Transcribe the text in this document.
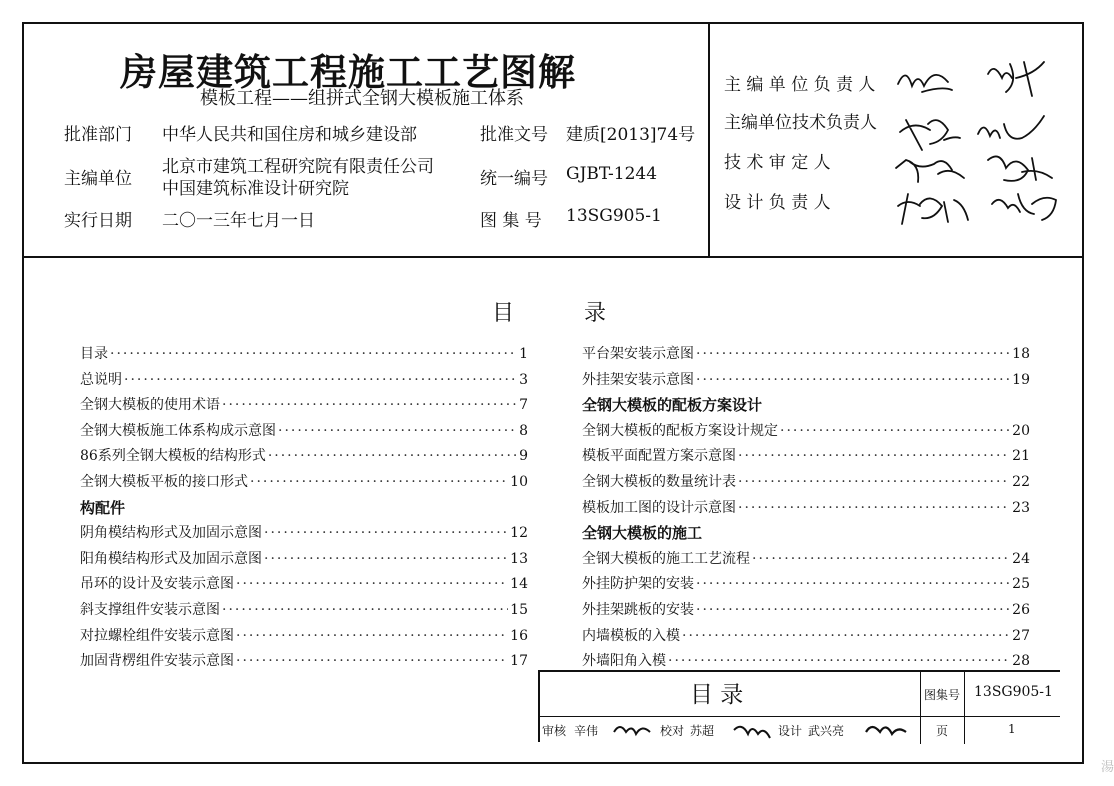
房屋建筑工程施工工艺图解
模板工程——组拼式全钢大模板施工体系
批准部门 中华人民共和国住房和城乡建设部
主编单位
北京市建筑工程研究院有限责任公司
中国建筑标准设计研究院
实行日期 二〇一三年七月一日
批准文号 建质[2013]74号
统一编号 GJBT-1244
图 集 号 13SG905-1
主 编 单 位 负 责 人
主编单位技术负责人
技 术 审 定 人
设 计 负 责 人
目	录
目录 ·····	1
总说明 ·····	3
全钢大模板的使用术语 ·····	7
全钢大模板施工体系构成示意图 ·····	8
86系列全钢大模板的结构形式 ·····	9
全钢大模板平板的接口形式 ·····	10
构配件
阴角模结构形式及加固示意图 ·····	12
阳角模结构形式及加固示意图 ·····	13
吊环的设计及安装示意图 ·····	14
斜支撑组件安装示意图 ·····	15
对拉螺栓组件安装示意图 ·····	16
加固背楞组件安装示意图 ·····	17
平台架安装示意图 ·····	18
外挂架安装示意图 ·····	19
全钢大模板的配板方案设计
全钢大模板的配板方案设计规定 ·····	20
模板平面配置方案示意图 ·····	21
全钢大模板的数量统计表 ·····	22
模板加工图的设计示意图 ·····	23
全钢大模板的施工
全钢大模板的施工工艺流程 ·····	24
外挂防护架的安装 ·····	25
外挂架跳板的安装 ·····	26
内墙模板的入模 ·····	27
外墙阳角入模 ·····	28
目 录	图集号 13SG905-1
审核 辛伟	校对 苏超	设计 武兴亮	页	1
湯
